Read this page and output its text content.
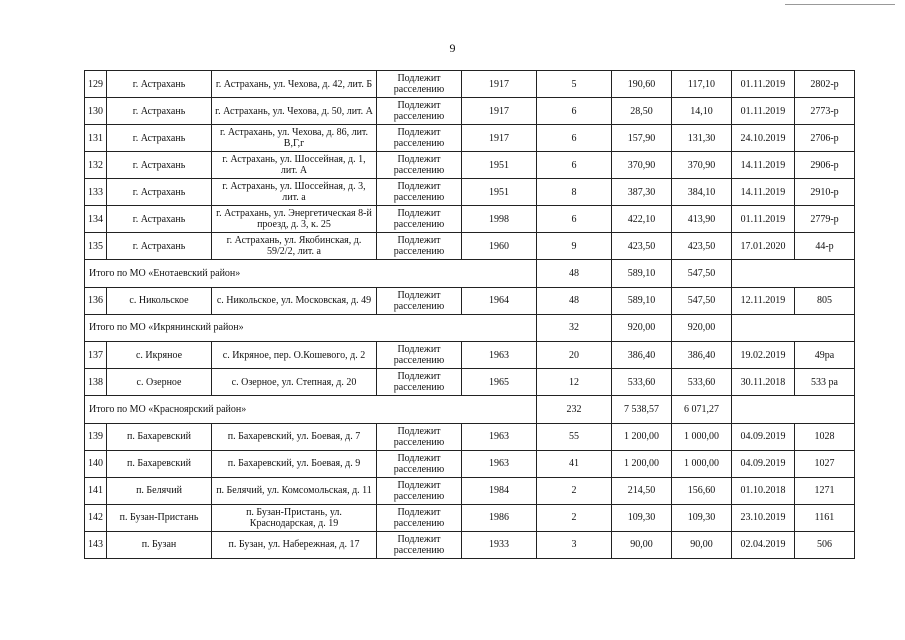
9
129	г. Астрахань	г. Астрахань, ул. Чехова, д. 42, лит. Б	Подлежит расселению	1917	5	190,60	117,10	01.11.2019	2802-р
130	г. Астрахань	г. Астрахань, ул. Чехова, д. 50, лит. А	Подлежит расселению	1917	6	28,50	14,10	01.11.2019	2773-р
131	г. Астрахань	г. Астрахань, ул. Чехова, д. 86, лит. В,Г,г	Подлежит расселению	1917	6	157,90	131,30	24.10.2019	2706-р
132	г. Астрахань	г. Астрахань, ул. Шоссейная, д. 1, лит. А	Подлежит расселению	1951	6	370,90	370,90	14.11.2019	2906-р
133	г. Астрахань	г. Астрахань, ул. Шоссейная, д. 3, лит. а	Подлежит расселению	1951	8	387,30	384,10	14.11.2019	2910-р
134	г. Астрахань	г. Астрахань, ул. Энергетическая 8-й проезд, д. 3, к. 25	Подлежит расселению	1998	6	422,10	413,90	01.11.2019	2779-р
135	г. Астрахань	г. Астрахань, ул. Якобинская, д. 59/2/2, лит. а	Подлежит расселению	1960	9	423,50	423,50	17.01.2020	44-р
Итого по МО «Енотаевский район»					48	589,10	547,50		
136	с. Никольское	с. Никольское, ул. Московская, д. 49	Подлежит расселению	1964	48	589,10	547,50	12.11.2019	805
Итого по МО «Икрянинский район»					32	920,00	920,00		
137	с. Икряное	с. Икряное, пер. О.Кошевого, д. 2	Подлежит расселению	1963	20	386,40	386,40	19.02.2019	49ра
138	с. Озерное	с. Озерное, ул. Степная, д. 20	Подлежит расселению	1965	12	533,60	533,60	30.11.2018	533 ра
Итого по МО «Красноярский район»					232	7 538,57	6 071,27		
139	п. Бахаревский	п. Бахаревский, ул. Боевая, д. 7	Подлежит расселению	1963	55	1 200,00	1 000,00	04.09.2019	1028
140	п. Бахаревский	п. Бахаревский, ул. Боевая, д. 9	Подлежит расселению	1963	41	1 200,00	1 000,00	04.09.2019	1027
141	п. Белячий	п. Белячий, ул. Комсомольская, д. 11	Подлежит расселению	1984	2	214,50	156,60	01.10.2018	1271
142	п. Бузан-Пристань	п. Бузан-Пристань, ул. Краснодарская, д. 19	Подлежит расселению	1986	2	109,30	109,30	23.10.2019	1161
143	п. Бузан	п. Бузан, ул. Набережная, д. 17	Подлежит расселению	1933	3	90,00	90,00	02.04.2019	506
